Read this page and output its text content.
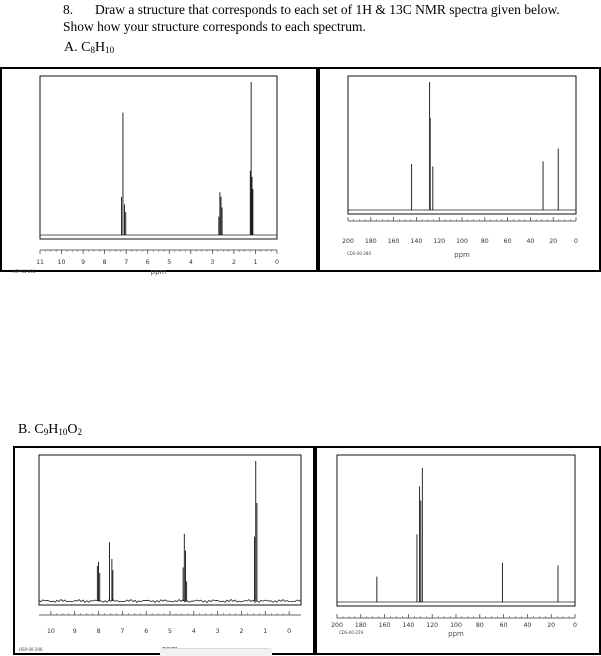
8. Draw a structure that corresponds to each set of 1H & 13C NMR spectra given below.
Show how your structure corresponds to each spectrum.
A. $C_8H_{10}$
11 10	9	8	7	6	5	4	3	2	1	0
ppm
HSP-00-005
200 180 160 140 120 100 80 60 40 20	0
ppm
CDS-00-280
B. $C_9H_{10}O_2$
10	9	8	7	6	5	4	3	2	1	0
HSP-00-296
200 180 160 140 120 100 80	60	40	20	0
ppm
CDS-00-229
